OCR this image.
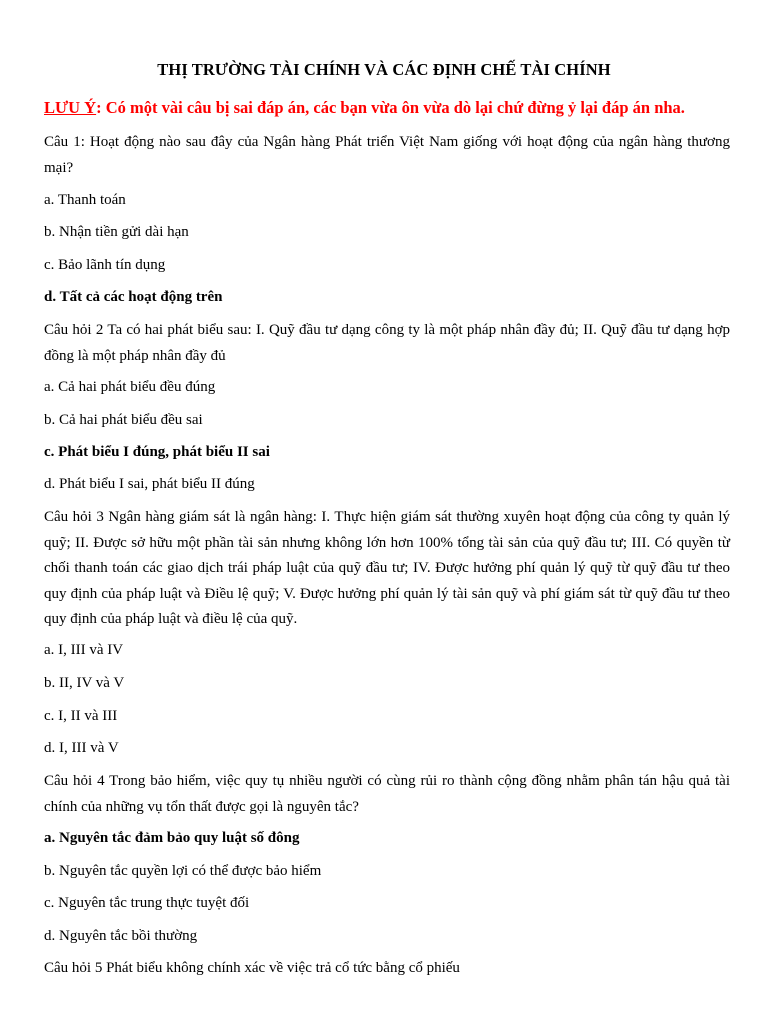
THỊ TRƯỜNG TÀI CHÍNH VÀ CÁC ĐỊNH CHẾ TÀI CHÍNH
LƯU Ý: Có một vài câu bị sai đáp án, các bạn vừa ôn vừa dò lại chứ đừng ỷ lại đáp án nha.

Câu 1: Hoạt động nào sau đây của Ngân hàng Phát triển Việt Nam giống với hoạt động của ngân hàng thương mại?

a. Thanh toán

b. Nhận tiền gửi dài hạn

c. Bảo lãnh tín dụng

d. Tất cả các hoạt động trên

Câu hỏi 2 Ta có hai phát biểu sau: I. Quỹ đầu tư dạng công ty là một pháp nhân đầy đủ; II. Quỹ đầu tư dạng hợp đồng là một pháp nhân đầy đủ

a. Cả hai phát biểu đều đúng

b. Cả hai phát biểu đều sai

c. Phát biểu I đúng, phát biểu II sai

d. Phát biểu I sai, phát biểu II đúng

Câu hỏi 3 Ngân hàng giám sát là ngân hàng: I. Thực hiện giám sát thường xuyên hoạt động của công ty quản lý quỹ; II. Được sở hữu một phần tài sản nhưng không lớn hơn 100% tổng tài sản của quỹ đầu tư; III. Có quyền từ chối thanh toán các giao dịch trái pháp luật của quỹ đầu tư; IV. Được hưởng phí quản lý quỹ từ quỹ đầu tư theo quy định của pháp luật và Điều lệ quỹ; V. Được hưởng phí quản lý tài sản quỹ và phí giám sát từ quỹ đầu tư theo quy định của pháp luật và điều lệ của quỹ.

a. I, III và IV

b. II, IV và V

c. I, II và III

d. I, III và V

Câu hỏi 4 Trong bảo hiểm, việc quy tụ nhiều người có cùng rủi ro thành cộng đồng nhằm phân tán hậu quả tài chính của những vụ tổn thất được gọi là nguyên tắc?

a. Nguyên tắc đảm bảo quy luật số đông

b. Nguyên tắc quyền lợi có thể được bảo hiểm

c. Nguyên tắc trung thực tuyệt đối

d. Nguyên tắc bồi thường

Câu hỏi 5 Phát biểu không chính xác về việc trả cổ tức bằng cổ phiếu
